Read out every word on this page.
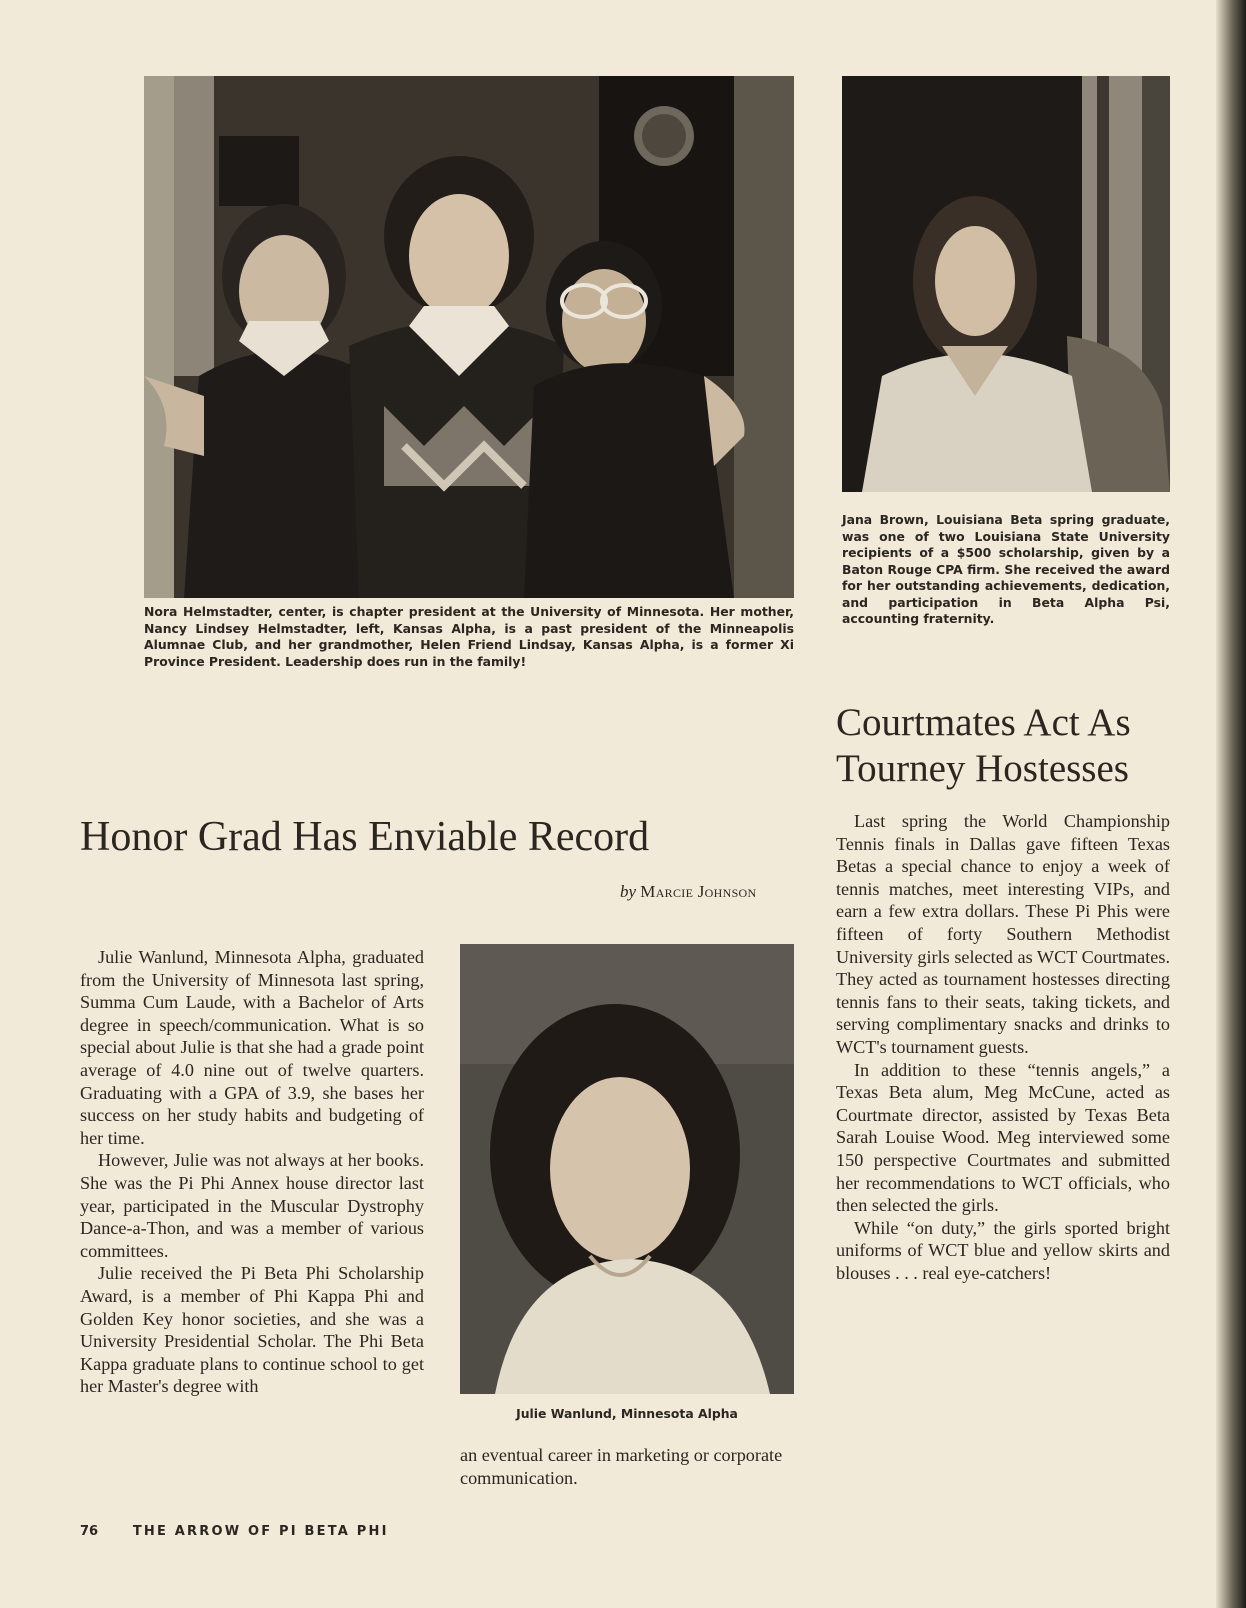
Nora Helmstadter, center, is chapter president at the University of Minnesota. Her mother, Nancy Lindsey Helmstadter, left, Kansas Alpha, is a past president of the Minneapolis Alumnae Club, and her grandmother, Helen Friend Lindsay, Kansas Alpha, is a former Xi Province President. Leadership does run in the family!

Jana Brown, Louisiana Beta spring graduate, was one of two Louisiana State University recipients of a $500 scholarship, given by a Baton Rouge CPA firm. She received the award for her outstanding achievements, dedication, and participation in Beta Alpha Psi, accounting fraternity.

Courtmates Act As
Tourney Hostesses
Honor Grad Has Enviable Record

by Marcie Johnson

Julie Wanlund, Minnesota Alpha, graduated from the University of Minnesota last spring, Summa Cum Laude, with a Bachelor of Arts degree in speech/communication. What is so special about Julie is that she had a grade point average of 4.0 nine out of twelve quarters. Graduating with a GPA of 3.9, she bases her success on her study habits and budgeting of her time.

However, Julie was not always at her books. She was the Pi Phi Annex house director last year, participated in the Muscular Dystrophy Dance-a-Thon, and was a member of various committees.

Julie received the Pi Beta Phi Scholarship Award, is a member of Phi Kappa Phi and Golden Key honor societies, and she was a University Presidential Scholar. The Phi Beta Kappa graduate plans to continue school to get her Master's degree with

Julie Wanlund, Minnesota Alpha

an eventual career in marketing or corporate communication.

Last spring the World Championship Tennis finals in Dallas gave fifteen Texas Betas a special chance to enjoy a week of tennis matches, meet interesting VIPs, and earn a few extra dollars. These Pi Phis were fifteen of forty Southern Methodist University girls selected as WCT Courtmates. They acted as tournament hostesses directing tennis fans to their seats, taking tickets, and serving complimentary snacks and drinks to WCT's tournament guests.

In addition to these “tennis angels,” a Texas Beta alum, Meg McCune, acted as Courtmate director, assisted by Texas Beta Sarah Louise Wood. Meg interviewed some 150 perspective Courtmates and submitted her recommendations to WCT officials, who then selected the girls.

While “on duty,” the girls sported bright uniforms of WCT blue and yellow skirts and blouses . . . real eye-catchers!

76	THE ARROW OF PI BETA PHI
